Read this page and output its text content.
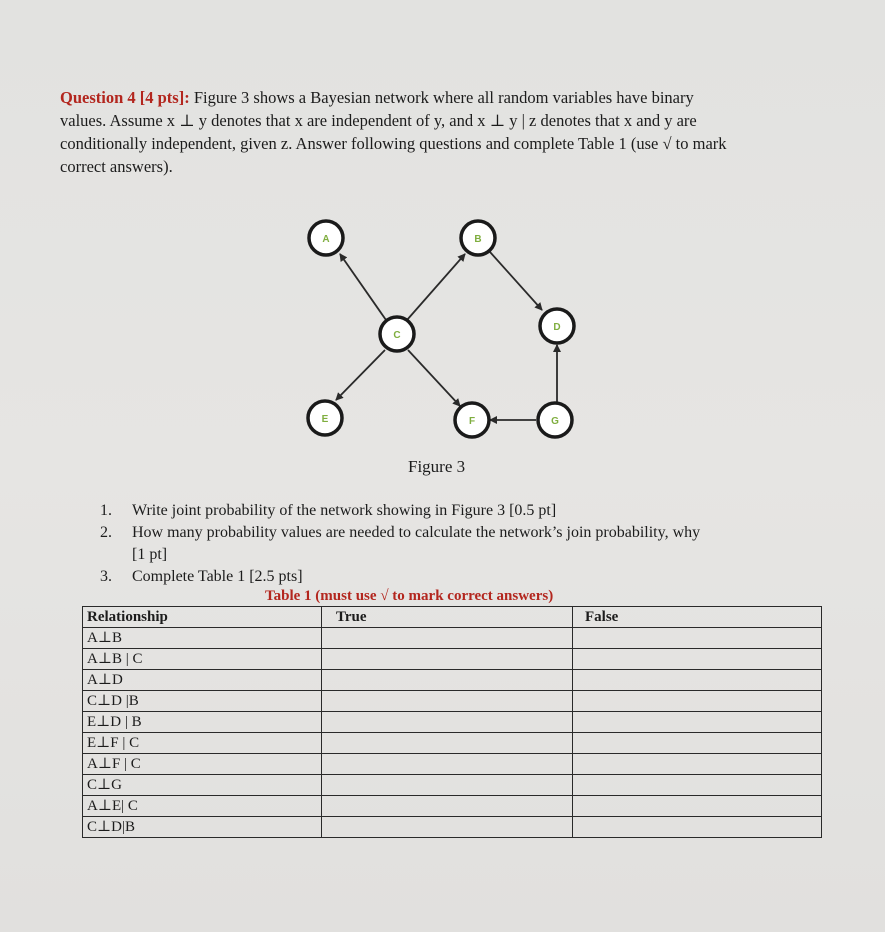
Question 4 [4 pts]: Figure 3 shows a Bayesian network where all random variables have binary
values. Assume x ⊥ y denotes that x are independent of y, and x ⊥ y | z denotes that x and y are
conditionally independent, given z. Answer following questions and complete Table 1 (use √ to mark
correct answers).
A	B
C
D
E	F	G
Figure 3
1.	Write joint probability of the network showing in Figure 3 [0.5 pt]
2.	How many probability values are needed to calculate the network’s join probability, why
[1 pt]
3.	Complete Table 1 [2.5 pts]
Table 1 (must use √ to mark correct answers)
Relationship	True	False
A⊥B		
A⊥B | C		
A⊥D		
C⊥D |B		
E⊥D | B		
E⊥F | C		
A⊥F | C		
C⊥G		
A⊥E| C		
C⊥D|B		
